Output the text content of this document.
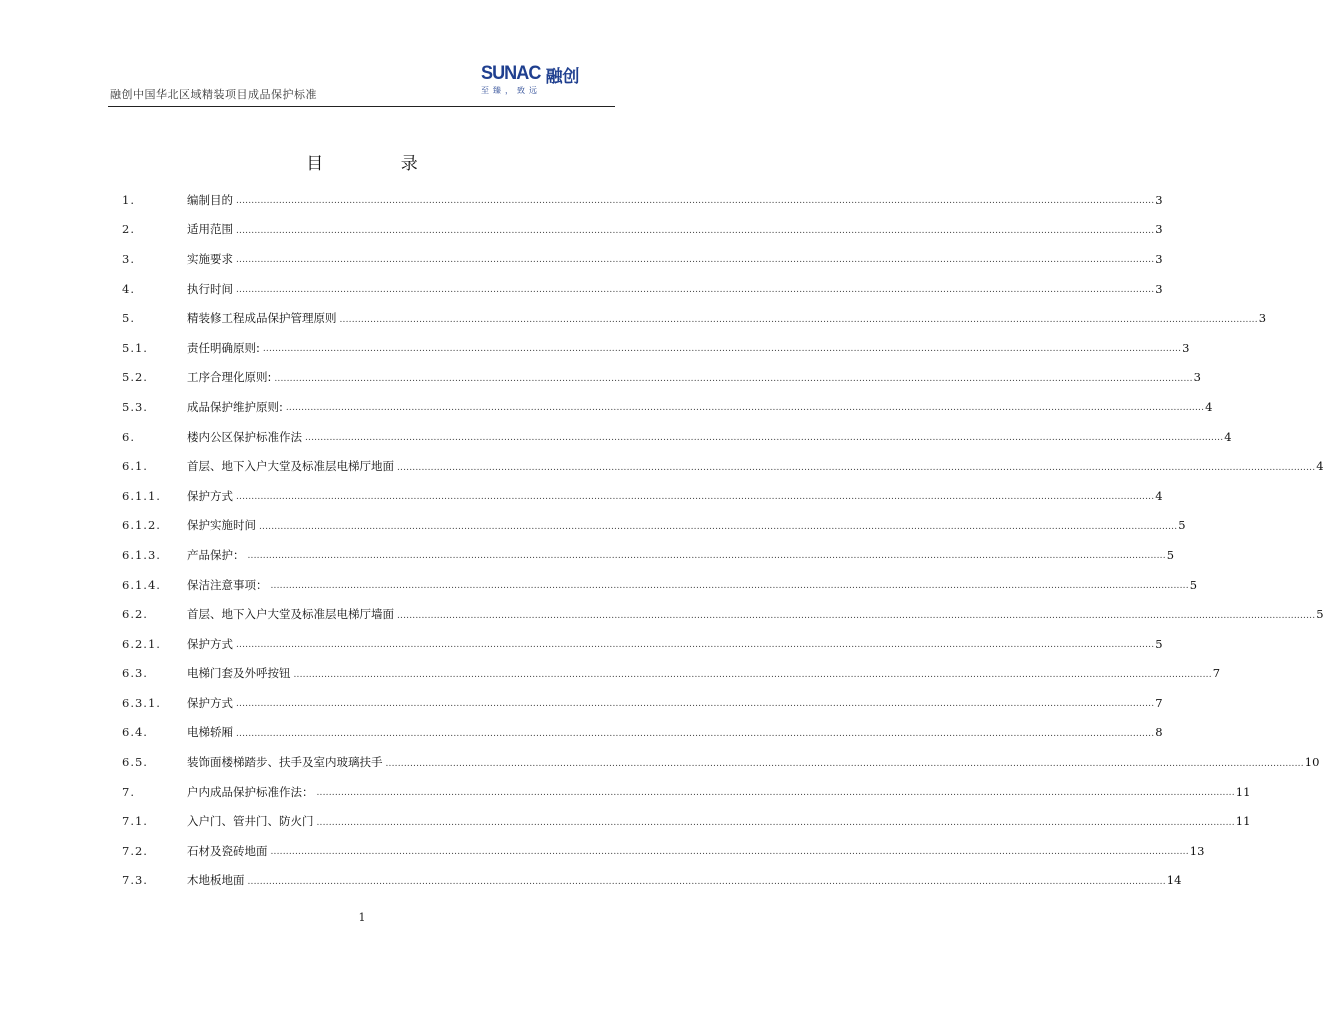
融创中国华北区域精装项目成品保护标准
SUNAC 融创
至臻，致远
目 录
1.	编制目的 ............................................................................................................................................................................................................................................................................................................ 3
2.	适用范围 ............................................................................................................................................................................................................................................................................................................ 3
3.	实施要求 ............................................................................................................................................................................................................................................................................................................ 3
4.	执行时间 ............................................................................................................................................................................................................................................................................................................ 3
5.	精装修工程成品保护管理原则 ............................................................................................................................................................................................................................................................................................................ 3
5.1.	责任明确原则: ............................................................................................................................................................................................................................................................................................................ 3
5.2.	工序合理化原则: ............................................................................................................................................................................................................................................................................................................ 3
5.3.	成品保护维护原则: ............................................................................................................................................................................................................................................................................................................ 4
6.	楼内公区保护标准作法 ............................................................................................................................................................................................................................................................................................................ 4
6.1.	首层、地下入户大堂及标准层电梯厅地面 ............................................................................................................................................................................................................................................................................................................ 4
6.1.1.	保护方式 ............................................................................................................................................................................................................................................................................................................ 4
6.1.2.	保护实施时间 ............................................................................................................................................................................................................................................................................................................ 5
6.1.3.	产品保护： ............................................................................................................................................................................................................................................................................................................ 5
6.1.4.	保洁注意事项： ............................................................................................................................................................................................................................................................................................................ 5
6.2.	首层、地下入户大堂及标准层电梯厅墙面 ............................................................................................................................................................................................................................................................................................................ 5
6.2.1.	保护方式 ............................................................................................................................................................................................................................................................................................................ 5
6.3.	电梯门套及外呼按钮 ............................................................................................................................................................................................................................................................................................................ 7
6.3.1.	保护方式 ............................................................................................................................................................................................................................................................................................................ 7
6.4.	电梯轿厢 ............................................................................................................................................................................................................................................................................................................ 8
6.5.	装饰面楼梯踏步、扶手及室内玻璃扶手 ............................................................................................................................................................................................................................................................................................................ 10
7.	户内成品保护标准作法： ............................................................................................................................................................................................................................................................................................................ 11
7.1.	入户门、管井门、防火门 ............................................................................................................................................................................................................................................................................................................ 11
7.2.	石材及瓷砖地面 ............................................................................................................................................................................................................................................................................................................ 13
7.3.	木地板地面 ............................................................................................................................................................................................................................................................................................................ 14
1
